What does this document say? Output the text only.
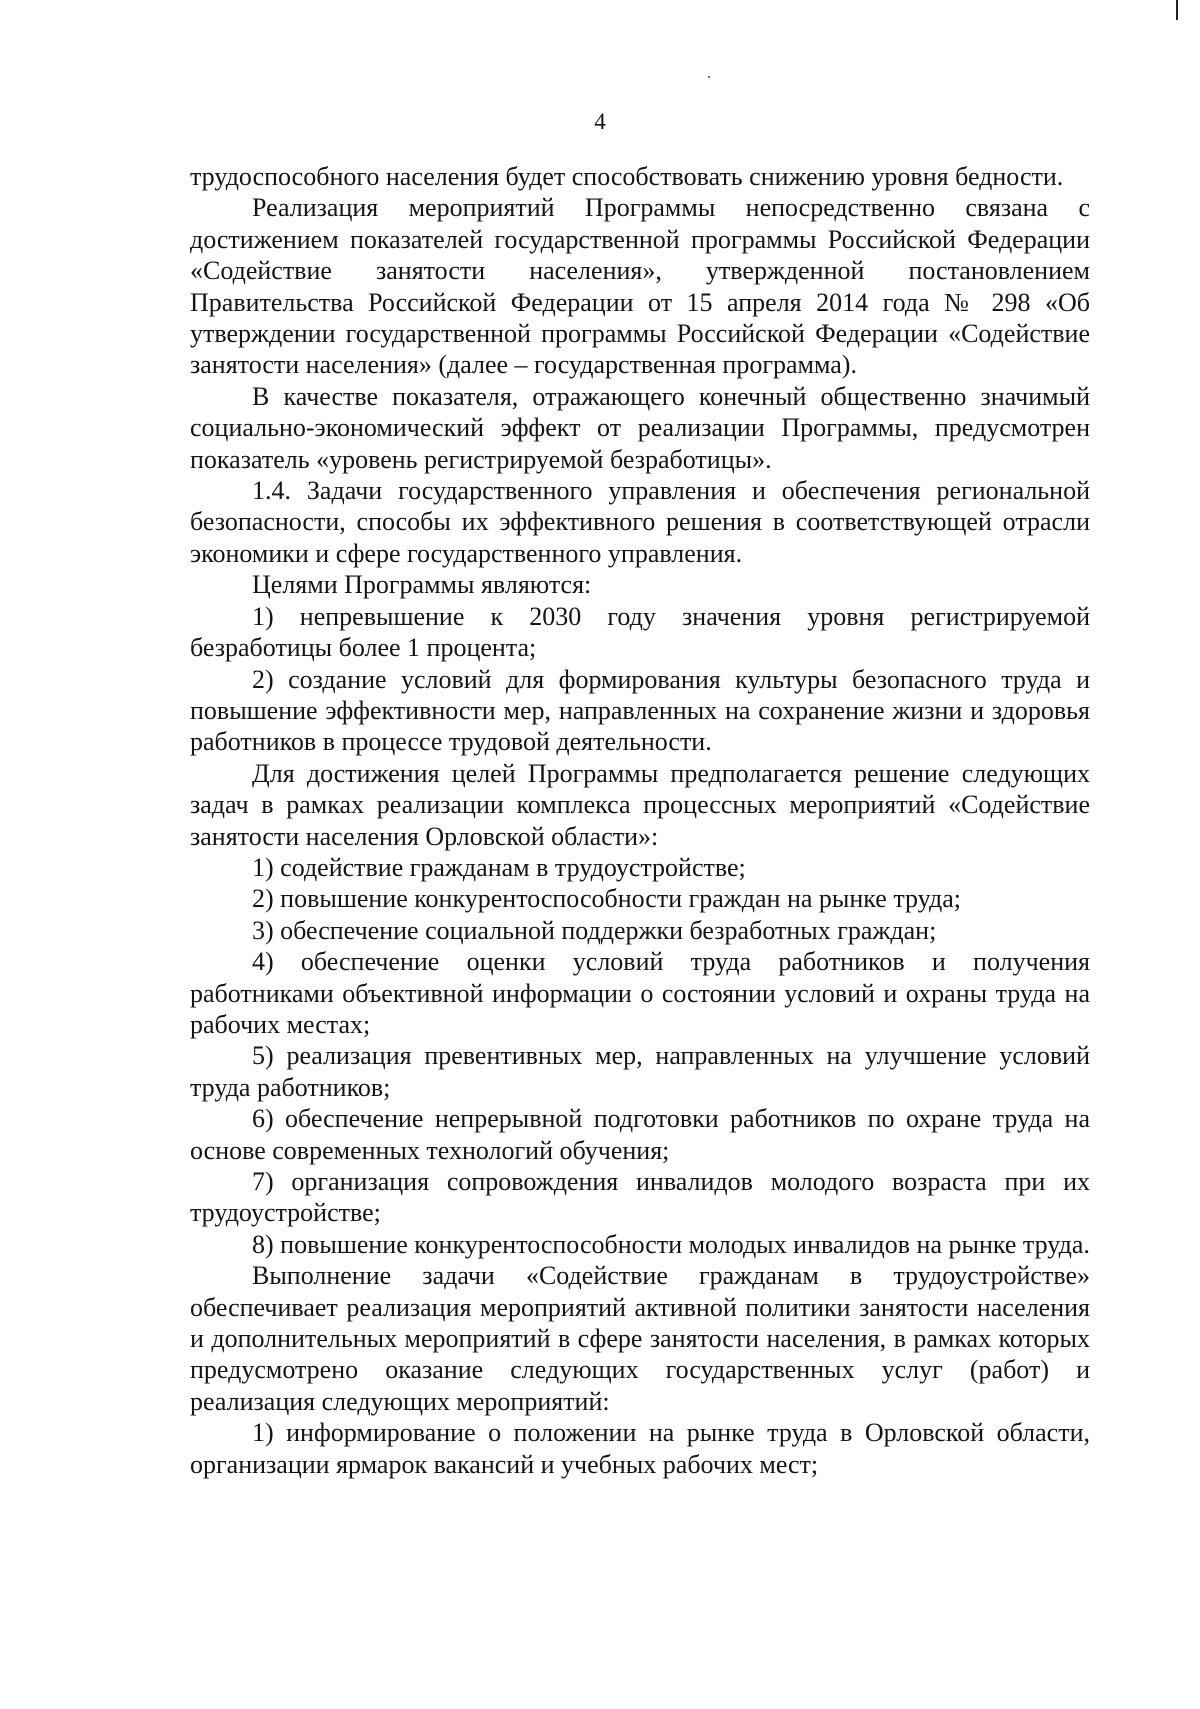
4

трудоспособного населения будет способствовать снижению уровня бедности.

Реализация мероприятий Программы непосредственно связана с достижением показателей государственной программы Российской Федерации «Содействие занятости населения», утвержденной постановлением Правительства Российской Федерации от 15 апреля 2014 года № 298 «Об утверждении государственной программы Российской Федерации «Содействие занятости населения» (далее – государственная программа).

В качестве показателя, отражающего конечный общественно значимый социально-экономический эффект от реализации Программы, предусмотрен показатель «уровень регистрируемой безработицы».

1.4. Задачи государственного управления и обеспечения региональной безопасности, способы их эффективного решения в соответствующей отрасли экономики и сфере государственного управления.

Целями Программы являются:

1) непревышение к 2030 году значения уровня регистрируемой безработицы более 1 процента;

2) создание условий для формирования культуры безопасного труда и повышение эффективности мер, направленных на сохранение жизни и здоровья работников в процессе трудовой деятельности.

Для достижения целей Программы предполагается решение следующих задач в рамках реализации комплекса процессных мероприятий «Содействие занятости населения Орловской области»:

1) содействие гражданам в трудоустройстве;

2) повышение конкурентоспособности граждан на рынке труда;

3) обеспечение социальной поддержки безработных граждан;

4) обеспечение оценки условий труда работников и получения работниками объективной информации о состоянии условий и охраны труда на рабочих местах;

5) реализация превентивных мер, направленных на улучшение условий труда работников;

6) обеспечение непрерывной подготовки работников по охране труда на основе современных технологий обучения;

7) организация сопровождения инвалидов молодого возраста при их трудоустройстве;

8) повышение конкурентоспособности молодых инвалидов на рынке труда.

Выполнение задачи «Содействие гражданам в трудоустройстве» обеспечивает реализация мероприятий активной политики занятости населения и дополнительных мероприятий в сфере занятости населения, в рамках которых предусмотрено оказание следующих государственных услуг (работ) и реализация следующих мероприятий:

1) информирование о положении на рынке труда в Орловской области, организации ярмарок вакансий и учебных рабочих мест;
